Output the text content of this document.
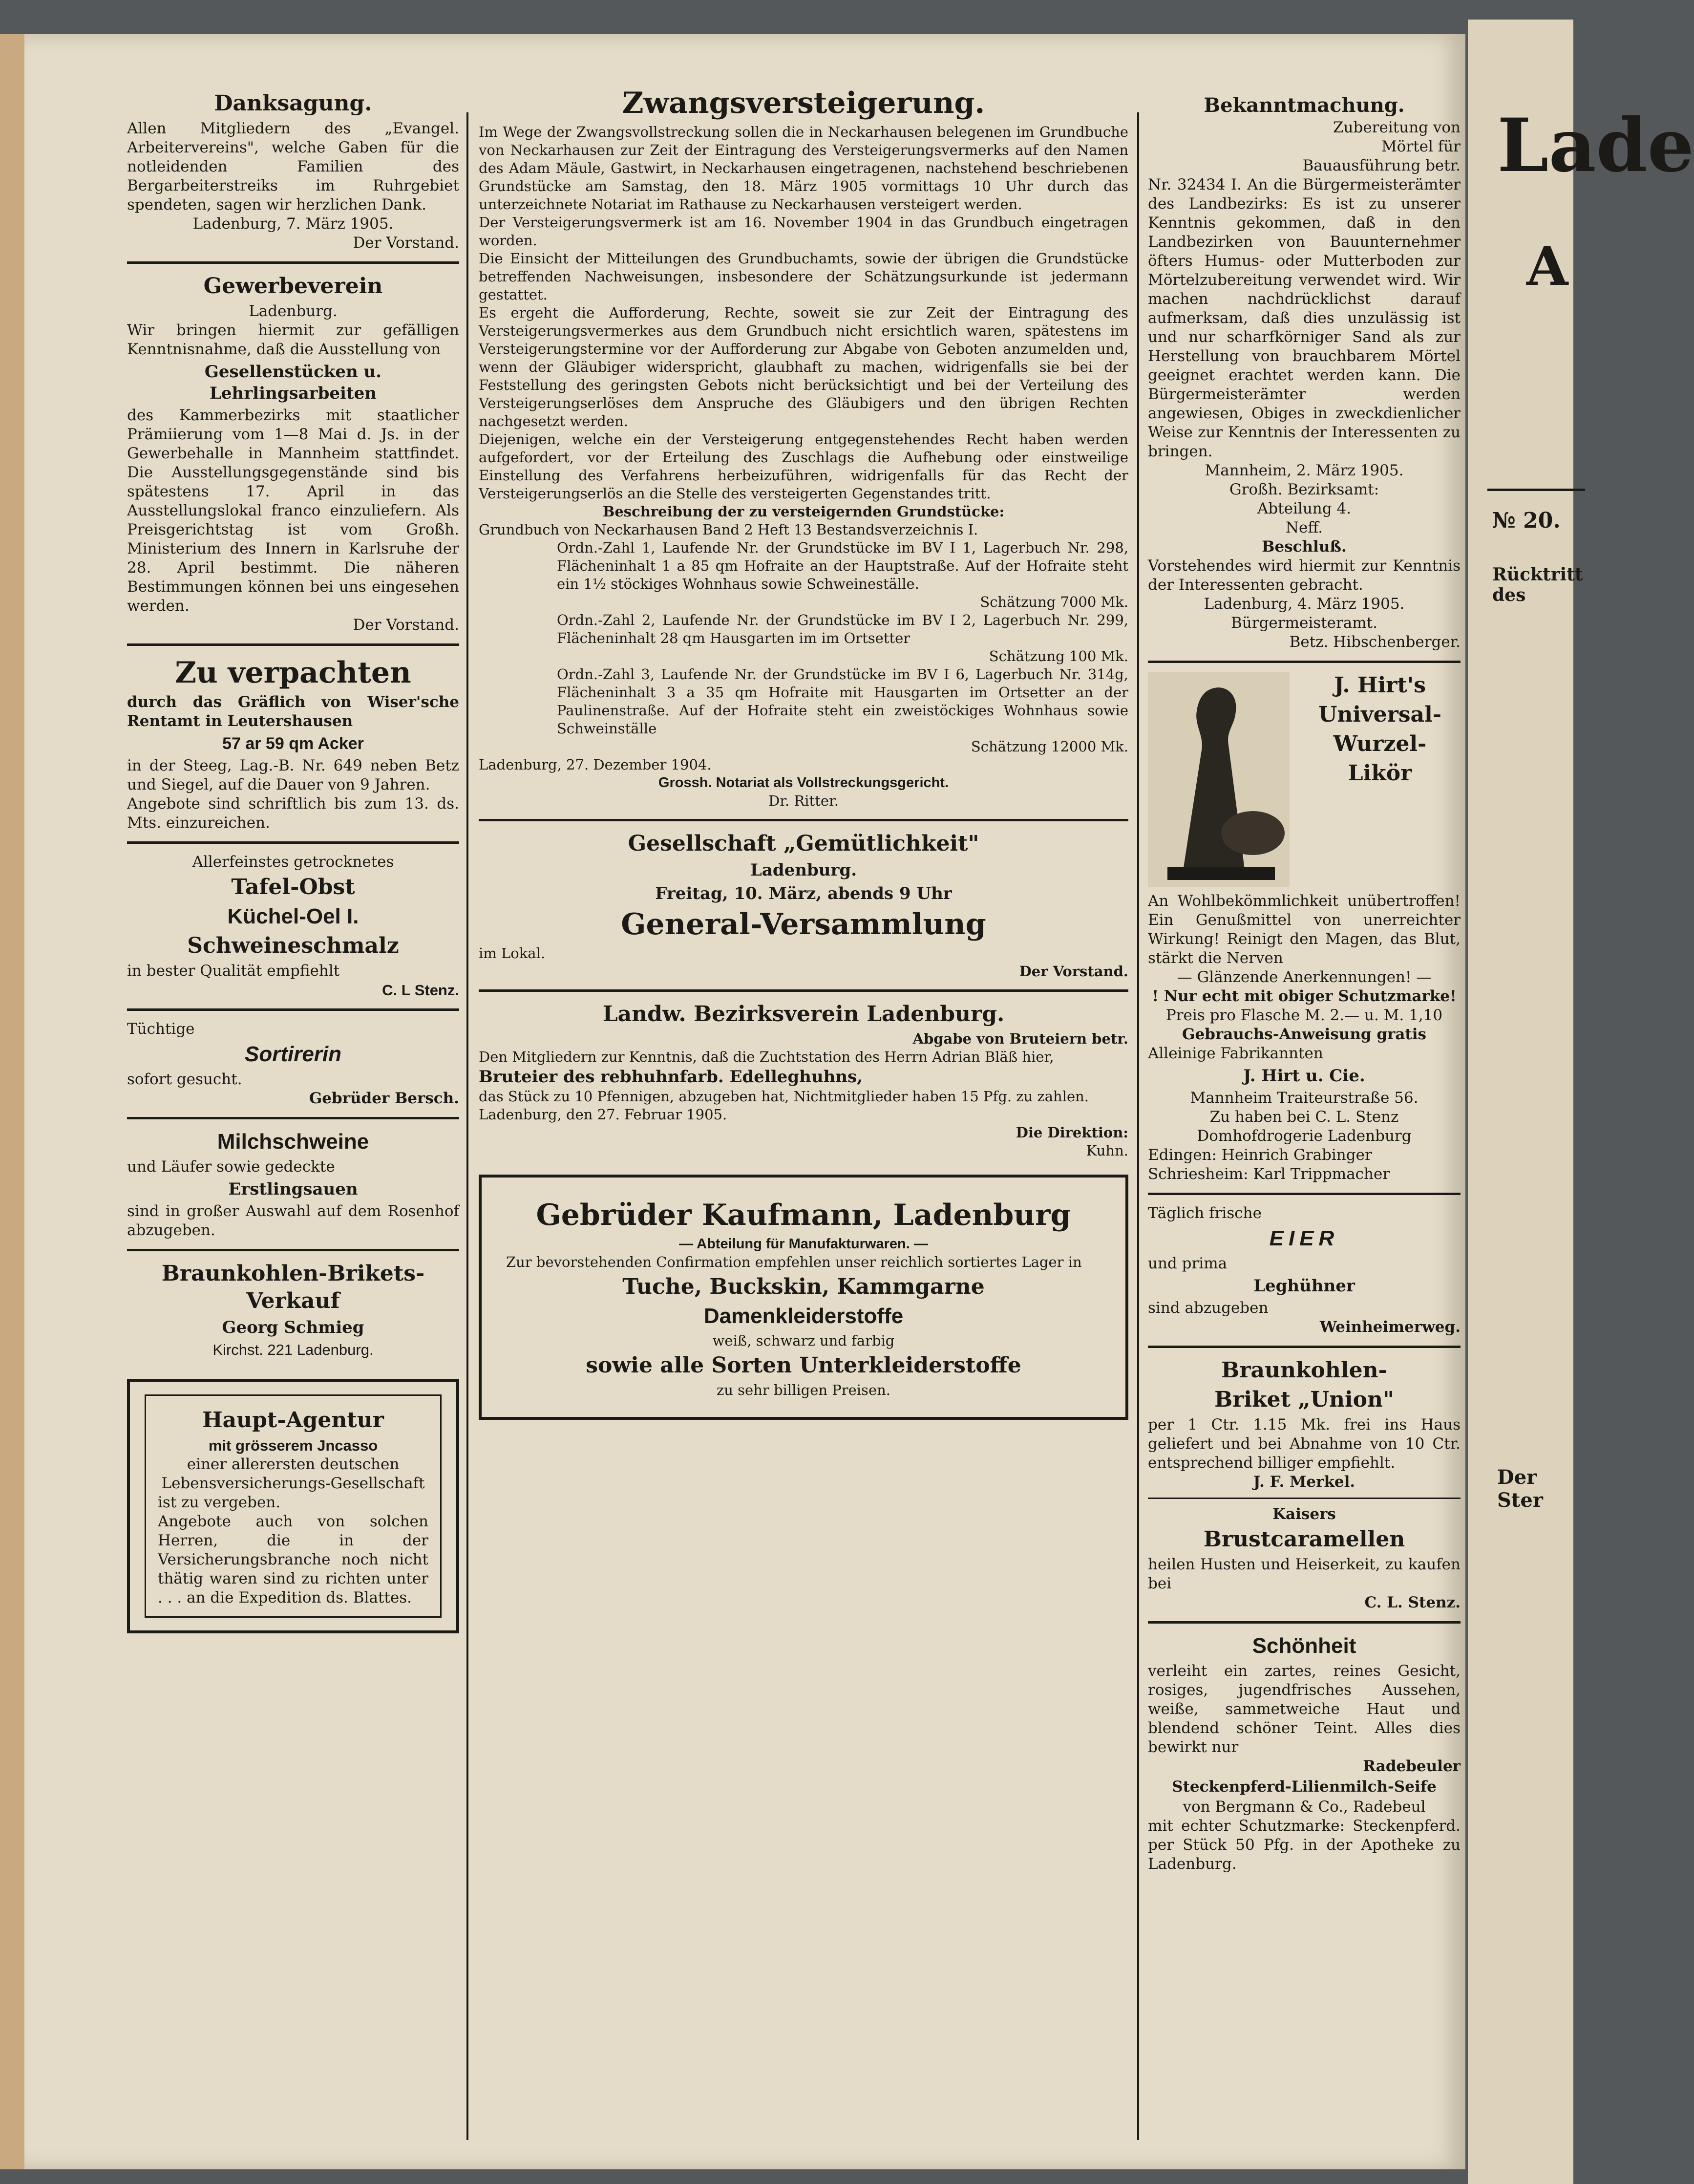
Danksagung.

Allen Mitgliedern des „Evangel. Arbeitervereins", welche Gaben für die notleidenden Familien des Bergarbeiterstreiks im Ruhrgebiet spendeten, sagen wir herzlichen Dank.

Ladenburg, 7. März 1905.

Der Vorstand.

Gewerbeverein

Ladenburg.

Wir bringen hiermit zur gefälligen Kenntnisnahme, daß die Ausstellung von

Gesellenstücken u. Lehrlingsarbeiten

des Kammerbezirks mit staatlicher Prämiierung vom 1—8 Mai d. Js. in der Gewerbehalle in Mannheim stattfindet. Die Ausstellungsgegenstände sind bis spätestens 17. April in das Ausstellungslokal franco einzuliefern. Als Preisgerichtstag ist vom Großh. Ministerium des Innern in Karlsruhe der 28. April bestimmt. Die näheren Bestimmungen können bei uns eingesehen werden.

Der Vorstand.

Zu verpachten

durch das Gräflich von Wiser'sche Rentamt in Leutershausen

57 ar 59 qm Acker

in der Steeg, Lag.-B. Nr. 649 neben Betz und Siegel, auf die Dauer von 9 Jahren.

Angebote sind schriftlich bis zum 13. ds. Mts. einzureichen.

Allerfeinstes getrocknetes

Tafel-Obst
Küchel-Oel I.
Schweineschmalz

in bester Qualität empfiehlt

C. L Stenz.

Tüchtige

Sortirerin

sofort gesucht.

Gebrüder Bersch.

Milchschweine

und Läufer sowie gedeckte

Erstlingsauen

sind in großer Auswahl auf dem Rosenhof abzugeben.

Braunkohlen-Brikets-Verkauf
Georg Schmieg

Kirchst. 221 Ladenburg.

Haupt-Agentur

mit grösserem Jncasso

einer allerersten deutschen

Lebensversicherungs-Gesellschaft

ist zu vergeben.

Angebote auch von solchen Herren, die in der Versicherungsbranche noch nicht thätig waren sind zu richten unter . . . an die Expedition ds. Blattes.

Zwangsversteigerung.

Im Wege der Zwangsvollstreckung sollen die in Neckarhausen belegenen im Grundbuche von Neckarhausen zur Zeit der Eintragung des Versteigerungsvermerks auf den Namen des Adam Mäule, Gastwirt, in Neckarhausen eingetragenen, nachstehend beschriebenen Grundstücke am Samstag, den 18. März 1905 vormittags 10 Uhr durch das unterzeichnete Notariat im Rathause zu Neckarhausen versteigert werden.

Der Versteigerungsvermerk ist am 16. November 1904 in das Grundbuch eingetragen worden.

Die Einsicht der Mitteilungen des Grundbuchamts, sowie der übrigen die Grundstücke betreffenden Nachweisungen, insbesondere der Schätzungsurkunde ist jedermann gestattet.

Es ergeht die Aufforderung, Rechte, soweit sie zur Zeit der Eintragung des Versteigerungsvermerkes aus dem Grundbuch nicht ersichtlich waren, spätestens im Versteigerungstermine vor der Aufforderung zur Abgabe von Geboten anzumelden und, wenn der Gläubiger widerspricht, glaubhaft zu machen, widrigenfalls sie bei der Feststellung des geringsten Gebots nicht berücksichtigt und bei der Verteilung des Versteigerungserlöses dem Anspruche des Gläubigers und den übrigen Rechten nachgesetzt werden.

Diejenigen, welche ein der Versteigerung entgegenstehendes Recht haben werden aufgefordert, vor der Erteilung des Zuschlags die Aufhebung oder einstweilige Einstellung des Verfahrens herbeizuführen, widrigenfalls für das Recht der Versteigerungserlös an die Stelle des versteigerten Gegenstandes tritt.

Beschreibung der zu versteigernden Grundstücke:

Grundbuch von Neckarhausen Band 2 Heft 13 Bestandsverzeichnis I.

Ordn.-Zahl 1, Laufende Nr. der Grundstücke im BV I 1, Lagerbuch Nr. 298, Flächeninhalt 1 a 85 qm Hofraite an der Hauptstraße. Auf der Hofraite steht ein 1½ stöckiges Wohnhaus sowie Schweineställe.

Schätzung 7000 Mk.

Ordn.-Zahl 2, Laufende Nr. der Grundstücke im BV I 2, Lagerbuch Nr. 299, Flächeninhalt 28 qm Hausgarten im im Ortsetter

Schätzung 100 Mk.

Ordn.-Zahl 3, Laufende Nr. der Grundstücke im BV I 6, Lagerbuch Nr. 314g, Flächeninhalt 3 a 35 qm Hofraite mit Hausgarten im Ortsetter an der Paulinenstraße. Auf der Hofraite steht ein zweistöckiges Wohnhaus sowie Schweinställe

Schätzung 12000 Mk.

Ladenburg, 27. Dezember 1904.

Grossh. Notariat als Vollstreckungsgericht.

Dr. Ritter.

Gesellschaft „Gemütlichkeit"
Ladenburg.
Freitag, 10. März, abends 9 Uhr
General-Versammlung

im Lokal.

Der Vorstand.

Landw. Bezirksverein Ladenburg.

Abgabe von Bruteiern betr.

Den Mitgliedern zur Kenntnis, daß die Zuchtstation des Herrn Adrian Bläß hier,

Bruteier des rebhuhnfarb. Edelleghuhns,

das Stück zu 10 Pfennigen, abzugeben hat, Nichtmitglieder haben 15 Pfg. zu zahlen.

Ladenburg, den 27. Februar 1905.

Die Direktion:

Kuhn.

Gebrüder Kaufmann, Ladenburg

— Abteilung für Manufakturwaren. —

Zur bevorstehenden Confirmation empfehlen unser reichlich sortiertes Lager in

Tuche, Buckskin, Kammgarne
Damenkleiderstoffe

weiß, schwarz und farbig

sowie alle Sorten Unterkleiderstoffe

zu sehr billigen Preisen.

Bekanntmachung.

Zubereitung von Mörtel für Bauausführung betr.

Nr. 32434 I. An die Bürgermeisterämter des Landbezirks: Es ist zu unserer Kenntnis gekommen, daß in den Landbezirken von Bauunternehmer öfters Humus- oder Mutterboden zur Mörtelzubereitung verwendet wird. Wir machen nachdrücklichst darauf aufmerksam, daß dies unzulässig ist und nur scharfkörniger Sand als zur Herstellung von brauchbarem Mörtel geeignet erachtet werden kann. Die Bürgermeisterämter werden angewiesen, Obiges in zweckdienlicher Weise zur Kenntnis der Interessenten zu bringen.

Mannheim, 2. März 1905.

Großh. Bezirksamt:

Abteilung 4.

Neff.

Beschluß.

Vorstehendes wird hiermit zur Kenntnis der Interessenten gebracht.

Ladenburg, 4. März 1905.

Bürgermeisteramt.

Betz. Hibschenberger.

J. Hirt's
Universal-
Wurzel-
Likör

An Wohlbekömmlichkeit unübertroffen! Ein Genußmittel von unerreichter Wirkung! Reinigt den Magen, das Blut, stärkt die Nerven

— Glänzende Anerkennungen! —

! Nur echt mit obiger Schutzmarke!

Preis pro Flasche M. 2.— u. M. 1,10

Gebrauchs-Anweisung gratis

Alleinige Fabrikannten

J. Hirt u. Cie.

Mannheim Traiteurstraße 56.

Zu haben bei C. L. Stenz

Domhofdrogerie Ladenburg

Edingen: Heinrich Grabinger

Schriesheim: Karl Trippmacher

Täglich frische

EIER

und prima

Leghühner

sind abzugeben

Weinheimerweg.

Braunkohlen-
Briket „Union"

per 1 Ctr. 1.15 Mk. frei ins Haus geliefert und bei Abnahme von 10 Ctr. entsprechend billiger empfiehlt.

J. F. Merkel.

Kaisers

Brustcaramellen

heilen Husten und Heiserkeit, zu kaufen bei

C. L. Stenz.

Schönheit

verleiht ein zartes, reines Gesicht, rosiges, jugendfrisches Aussehen, weiße, sammetweiche Haut und blendend schöner Teint. Alles dies bewirkt nur

Radebeuler

Steckenpferd-Lilienmilch-Seife

von Bergmann & Co., Radebeul

mit echter Schutzmarke: Steckenpferd. per Stück 50 Pfg. in der Apotheke zu Ladenburg.

Lade
A
№ 20.
Rücktritt des
Der Ster
